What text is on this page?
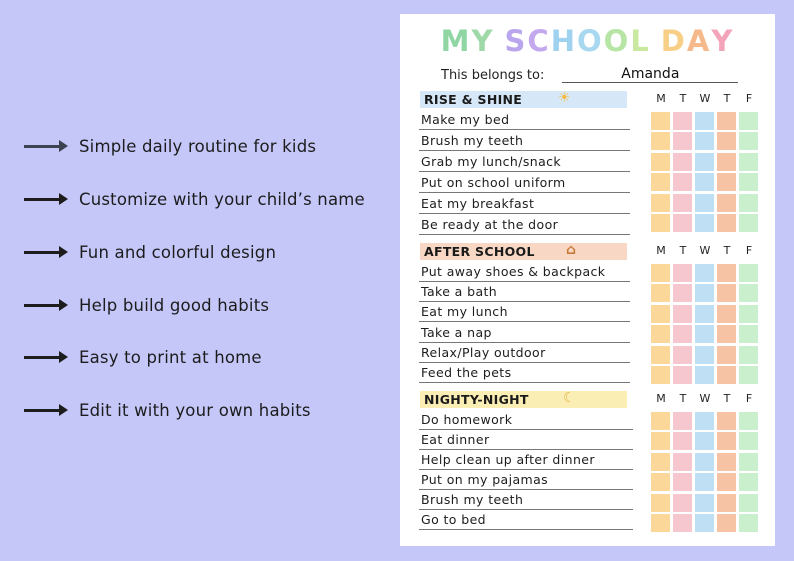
Simple daily routine for kids
Customize with your child’s name
Fun and colorful design
Help build good habits
Easy to print at home
Edit it with your own habits
MY SCHOOL DAY
This belongs to:	Amanda
RISE & SHINE	☀	M	T	W	T	F
Make my bed
Brush my teeth
Grab my lunch/snack
Put on school uniform
Eat my breakfast
Be ready at the door
AFTER SCHOOL ⌂	M	T	W	T	F
Put away shoes & backpack
Take a bath
Eat my lunch
Take a nap
Relax/Play outdoor
Feed the pets
NIGHTY-NIGHT ☾	M	T	W	T	F
Do homework
Eat dinner
Help clean up after dinner
Put on my pajamas
Brush my teeth
Go to bed
